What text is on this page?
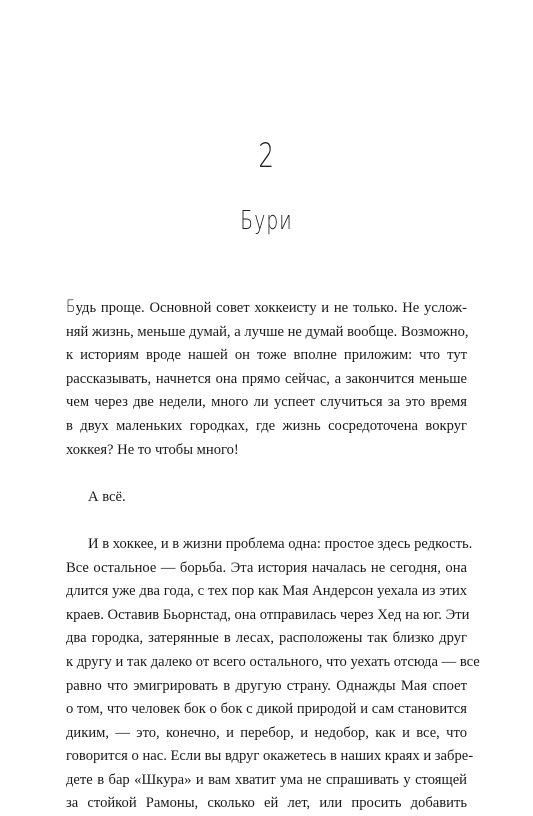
2
Бури

Будь проще. Основной совет хоккеисту и не только. Не услож-
няй жизнь, меньше думай, а лучше не думай вообще. Возможно,
к историям вроде нашей он тоже вполне приложим: что тут
рассказывать, начнется она прямо сейчас, а закончится меньше
чем через две недели, много ли успеет случиться за это время
в двух маленьких городках, где жизнь сосредоточена вокруг
хоккея? Не то чтобы много!

А всё.

И в хоккее, и в жизни проблема одна: простое здесь редкость.
Все остальное — борьба. Эта история началась не сегодня, она
длится уже два года, с тех пор как Мая Андерсон уехала из этих
краев. Оставив Бьорнстад, она отправилась через Хед на юг. Эти
два городка, затерянные в лесах, расположены так близко друг
к другу и так далеко от всего остального, что уехать отсюда — все
равно что эмигрировать в другую страну. Однажды Мая споет
о том, что человек бок о бок с дикой природой и сам становится
диким, — это, конечно, и перебор, и недобор, как и все, что
говорится о нас. Если вы вдруг окажетесь в наших краях и забре-
дете в бар «Шкура» и вам хватит ума не спрашивать у стоящей
за стойкой Рамоны, сколько ей лет, или просить добавить
